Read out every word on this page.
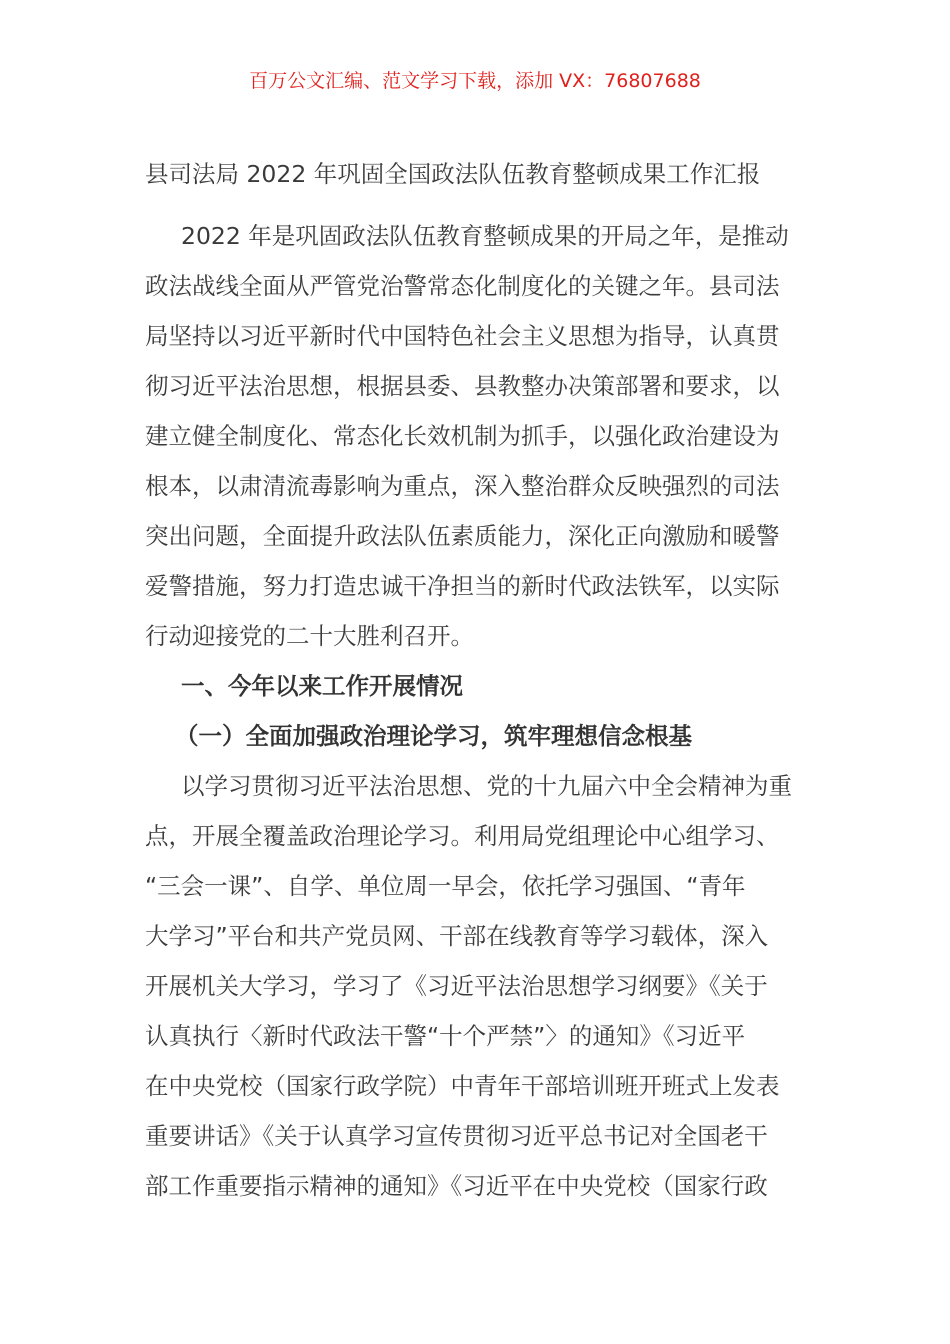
百万公文汇编、范文学习下载，添加 VX：76807688
县司法局 2022 年巩固全国政法队伍教育整顿成果工作汇报
2022 年是巩固政法队伍教育整顿成果的开局之年，是推动
政法战线全面从严管党治警常态化制度化的关键之年。县司法
局坚持以习近平新时代中国特色社会主义思想为指导，认真贯
彻习近平法治思想，根据县委、县教整办决策部署和要求，以
建立健全制度化、常态化长效机制为抓手，以强化政治建设为
根本，以肃清流毒影响为重点，深入整治群众反映强烈的司法
突出问题，全面提升政法队伍素质能力，深化正向激励和暖警
爱警措施，努力打造忠诚干净担当的新时代政法铁军，以实际
行动迎接党的二十大胜利召开。
一、今年以来工作开展情况
（一）全面加强政治理论学习，筑牢理想信念根基
以学习贯彻习近平法治思想、党的十九届六中全会精神为重
点，开展全覆盖政治理论学习。利用局党组理论中心组学习、
“三会一课”、自学、单位周一早会，依托学习强国、“青年
大学习”平台和共产党员网、干部在线教育等学习载体，深入
开展机关大学习，学习了《习近平法治思想学习纲要》《关于
认真执行〈新时代政法干警“十个严禁”〉的通知》《习近平
在中央党校（国家行政学院）中青年干部培训班开班式上发表
重要讲话》《关于认真学习宣传贯彻习近平总书记对全国老干
部工作重要指示精神的通知》《习近平在中央党校（国家行政
